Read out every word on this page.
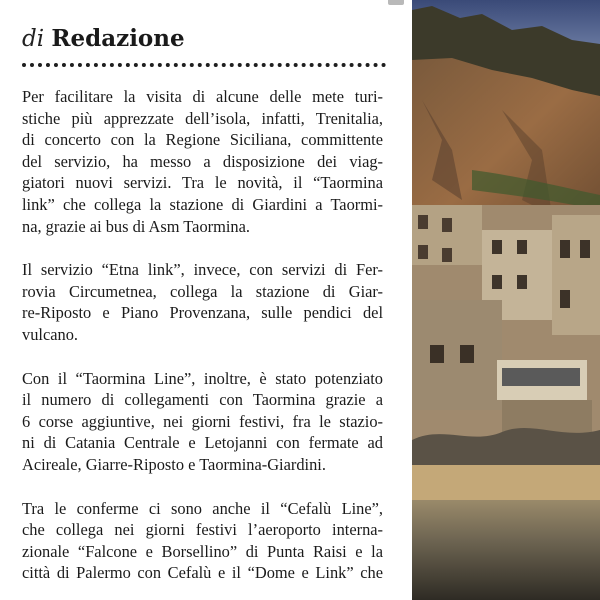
di Redazione

Per facilitare la visita di alcune delle mete turi-
stiche più apprezzate dell’isola, infatti, Trenitalia,
di concerto con la Regione Siciliana, committente
del servizio, ha messo a disposizione dei viag-
giatori nuovi servizi. Tra le novità, il “Taormina
link” che collega la stazione di Giardini a Taormi-
na, grazie ai bus di Asm Taormina.

Il servizio “Etna link”, invece, con servizi di Fer-
rovia Circumetnea, collega la stazione di Giar-
re-Riposto e Piano Provenzana, sulle pendici del
vulcano.

Con il “Taormina Line”, inoltre, è stato potenziato
il numero di collegamenti con Taormina grazie a
6 corse aggiuntive, nei giorni festivi, fra le stazio-
ni di Catania Centrale e Letojanni con fermate ad
Acireale, Giarre-Riposto e Taormina-Giardini.

Tra le conferme ci sono anche il “Cefalù Line”,
che collega nei giorni festivi l’aeroporto interna-
zionale “Falcone e Borsellino” di Punta Raisi e la
città di Palermo con Cefalù e il “Dome e Link” che
